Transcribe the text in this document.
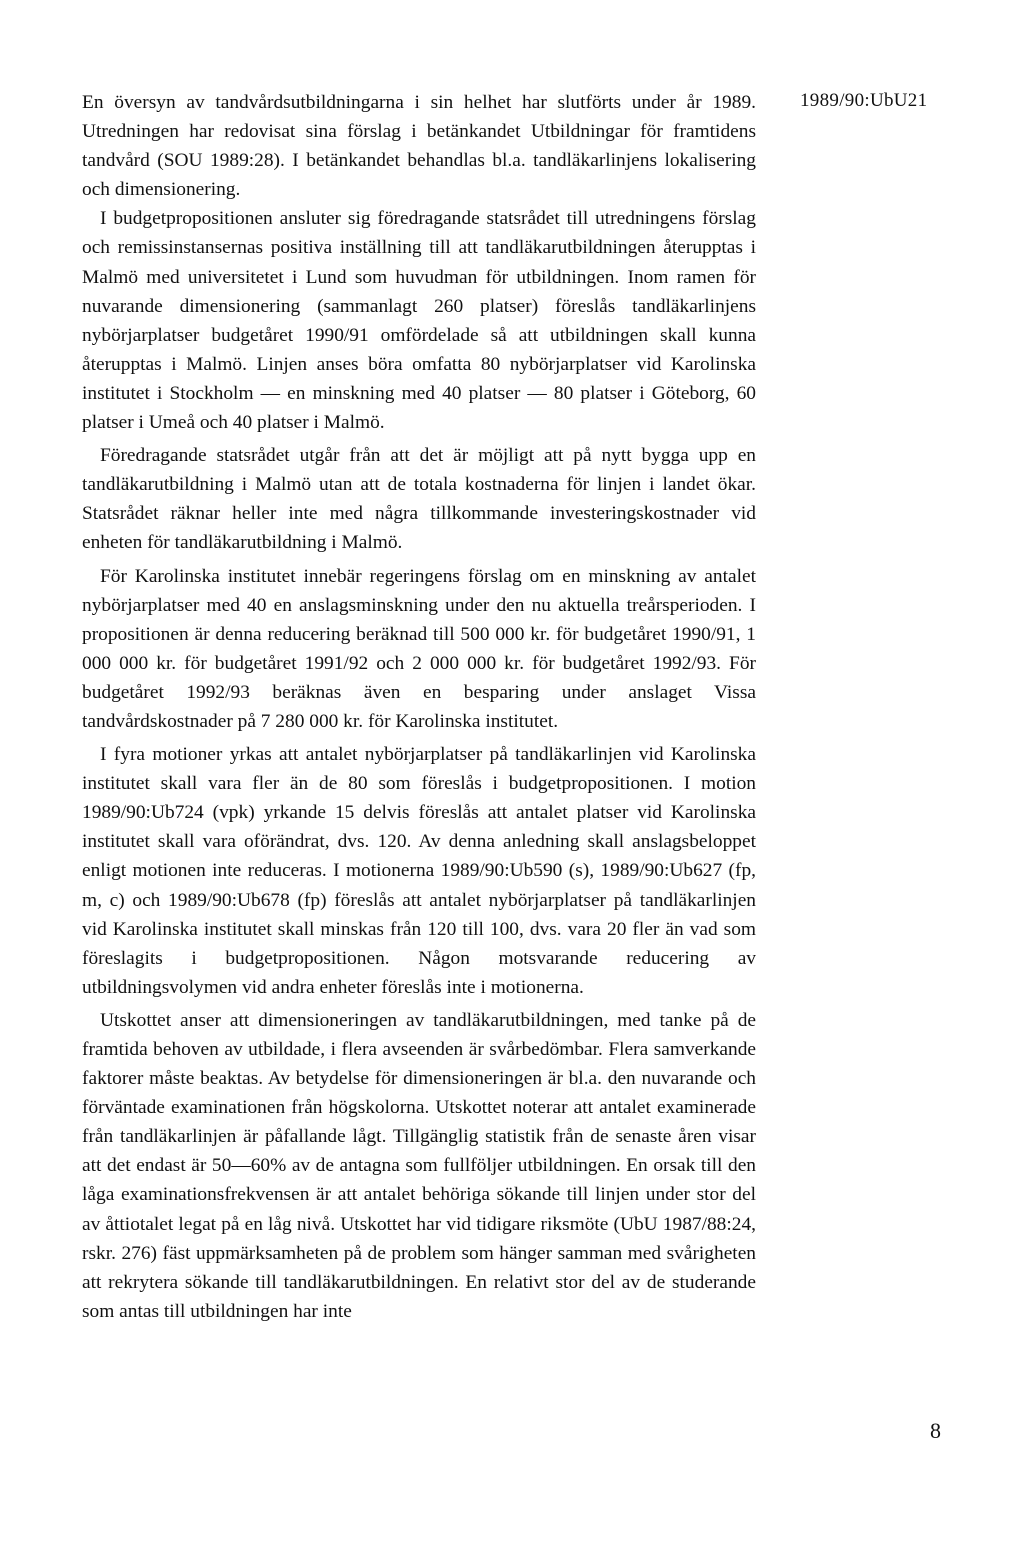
1989/90:UbU21

En översyn av tandvårdsutbildningarna i sin helhet har slutförts under år 1989. Utredningen har redovisat sina förslag i betänkandet Utbildningar för framtidens tandvård (SOU 1989:28). I betänkandet behandlas bl.a. tandläkarlinjens lokalisering och dimensionering.

I budgetpropositionen ansluter sig föredragande statsrådet till utredningens förslag och remissinstansernas positiva inställning till att tandläkarutbildningen återupptas i Malmö med universitetet i Lund som huvudman för utbildningen. Inom ramen för nuvarande dimensionering (sammanlagt 260 platser) föreslås tandläkarlinjens nybörjarplatser budgetåret 1990/91 omfördelade så att utbildningen skall kunna återupptas i Malmö. Linjen anses böra omfatta 80 nybörjarplatser vid Karolinska institutet i Stockholm — en minskning med 40 platser — 80 platser i Göteborg, 60 platser i Umeå och 40 platser i Malmö.

Föredragande statsrådet utgår från att det är möjligt att på nytt bygga upp en tandläkarutbildning i Malmö utan att de totala kostnaderna för linjen i landet ökar. Statsrådet räknar heller inte med några tillkommande investeringskostnader vid enheten för tandläkarutbildning i Malmö.

För Karolinska institutet innebär regeringens förslag om en minskning av antalet nybörjarplatser med 40 en anslagsminskning under den nu aktuella treårsperioden. I propositionen är denna reducering beräknad till 500 000 kr. för budgetåret 1990/91, 1 000 000 kr. för budgetåret 1991/92 och 2 000 000 kr. för budgetåret 1992/93. För budgetåret 1992/93 beräknas även en besparing under anslaget Vissa tandvårdskostnader på 7 280 000 kr. för Karolinska institutet.

I fyra motioner yrkas att antalet nybörjarplatser på tandläkarlinjen vid Karolinska institutet skall vara fler än de 80 som föreslås i budgetpropositionen. I motion 1989/90:Ub724 (vpk) yrkande 15 delvis föreslås att antalet platser vid Karolinska institutet skall vara oförändrat, dvs. 120. Av denna anledning skall anslagsbeloppet enligt motionen inte reduceras. I motionerna 1989/90:Ub590 (s), 1989/90:Ub627 (fp, m, c) och 1989/90:Ub678 (fp) föreslås att antalet nybörjarplatser på tandläkarlinjen vid Karolinska institutet skall minskas från 120 till 100, dvs. vara 20 fler än vad som föreslagits i budgetpropositionen. Någon motsvarande reducering av utbildningsvolymen vid andra enheter föreslås inte i motionerna.

Utskottet anser att dimensioneringen av tandläkarutbildningen, med tanke på de framtida behoven av utbildade, i flera avseenden är svårbedömbar. Flera samverkande faktorer måste beaktas. Av betydelse för dimensioneringen är bl.a. den nuvarande och förväntade examinationen från högskolorna. Utskottet noterar att antalet examinerade från tandläkarlinjen är påfallande lågt. Tillgänglig statistik från de senaste åren visar att det endast är 50—60% av de antagna som fullföljer utbildningen. En orsak till den låga examinationsfrekvensen är att antalet behöriga sökande till linjen under stor del av åttiotalet legat på en låg nivå. Utskottet har vid tidigare riksmöte (UbU 1987/88:24, rskr. 276) fäst uppmärksamheten på de problem som hänger samman med svårigheten att rekrytera sökande till tandläkarutbildningen. En relativt stor del av de studerande som antas till utbildningen har inte

8
